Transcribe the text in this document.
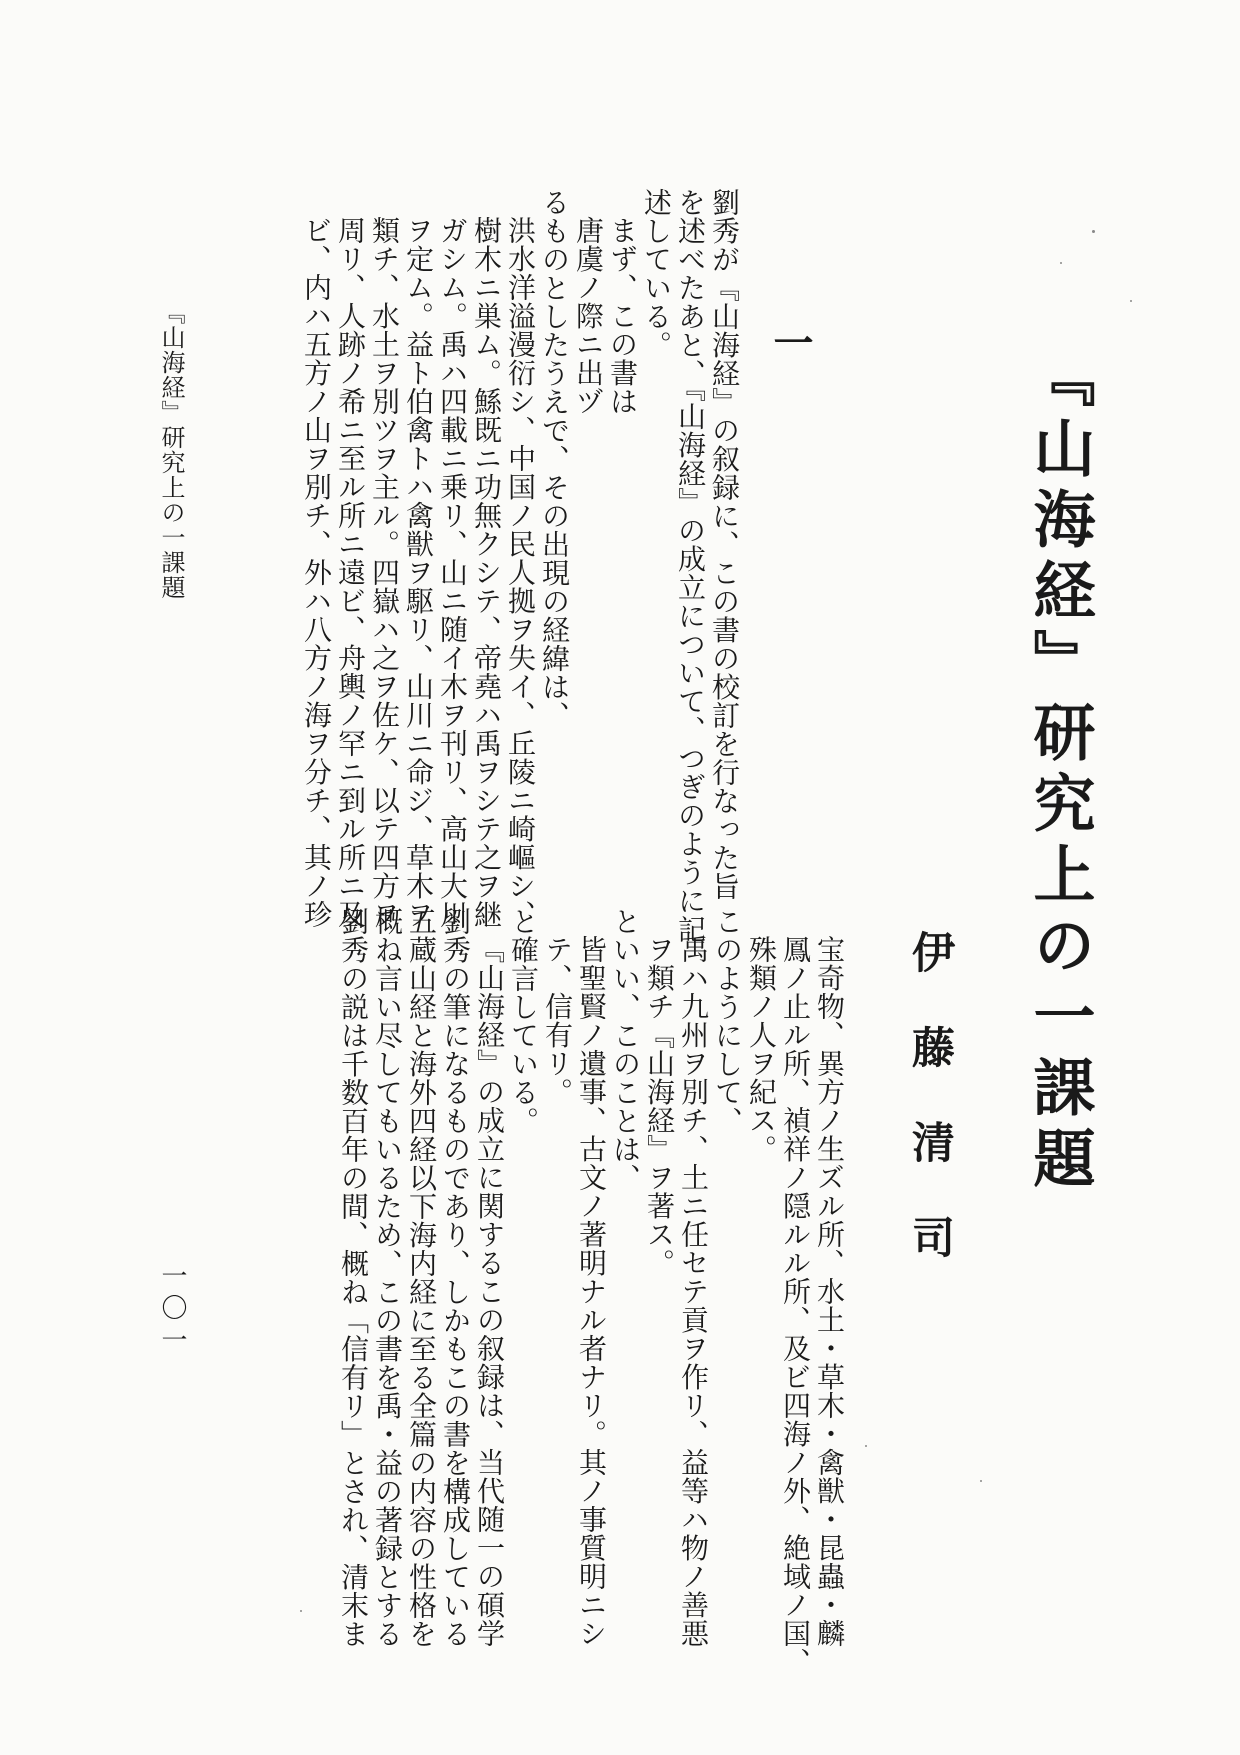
『山海経』研究上の一課題
伊藤清司
一
劉秀が『山海経』の叙録に、この書の校訂を行なった旨
を述べたあと、『山海経』の成立について、つぎのように記
述している。
まず、この書は
唐虞ノ際ニ出ヅ
るものとしたうえで、その出現の経緯は、
洪水洋溢漫衍シ、中国ノ民人拠ヲ失イ、丘陵ニ崎嶇シ、
樹木ニ巣ム。鯀既ニ功無クシテ、帝堯ハ禹ヲシテ之ヲ継
ガシム。禹ハ四載ニ乗リ、山ニ随イ木ヲ刊リ、高山大川
ヲ定ム。益ト伯禽トハ禽獣ヲ駆リ、山川ニ命ジ、草木ヲ
類チ、水土ヲ別ツヲ主ル。四嶽ハ之ヲ佐ケ、以テ四方ヲ
周リ、人跡ノ希ニ至ル所ニ遠ビ、舟輿ノ罕ニ到ル所ニ及
ビ、内ハ五方ノ山ヲ別チ、外ハ八方ノ海ヲ分チ、其ノ珍
宝奇物、異方ノ生ズル所、水土・草木・禽獣・昆蟲・麟
鳳ノ止ル所、禎祥ノ隠ルル所、及ビ四海ノ外、絶域ノ国、
殊類ノ人ヲ紀ス。
このようにして、
禹ハ九州ヲ別チ、土ニ任セテ貢ヲ作リ、益等ハ物ノ善悪
ヲ類チ『山海経』ヲ著ス。
といい、このことは、
皆聖賢ノ遺事、古文ノ著明ナル者ナリ。其ノ事質明ニシ
テ、信有リ。
と確言している。
『山海経』の成立に関するこの叙録は、当代随一の碩学
劉秀の筆になるものであり、しかもこの書を構成している
五蔵山経と海外四経以下海内経に至る全篇の内容の性格を
概ね言い尽してもいるため、この書を禹・益の著録とする
劉秀の説は千数百年の間、概ね「信有リ」とされ、清末ま
『山海経』研究上の一課題
一〇一
